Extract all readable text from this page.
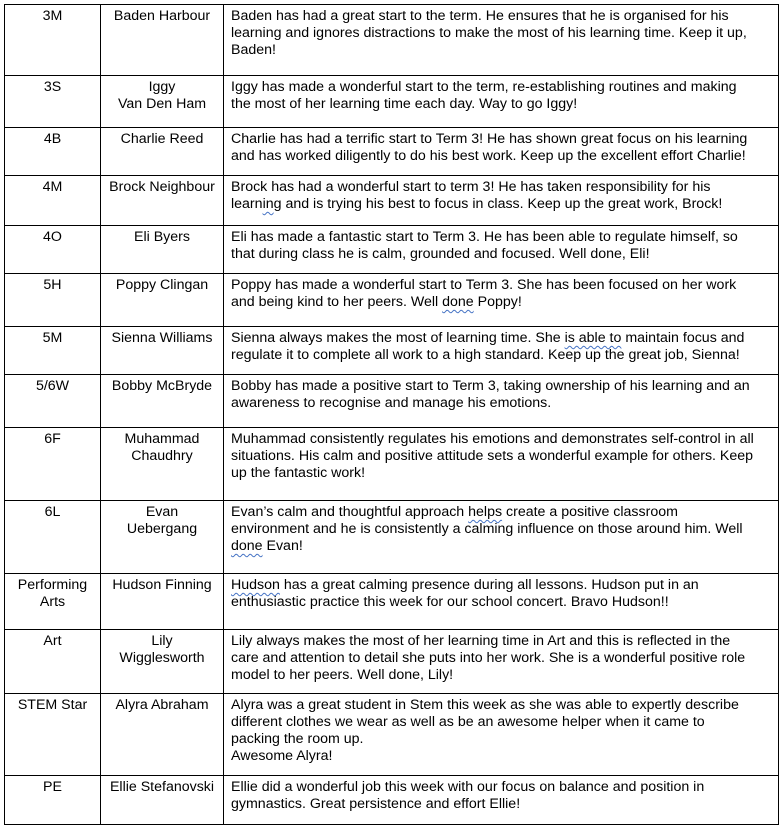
3M	Baden Harbour	Baden has had a great start to the term. He ensures that he is organised for his
learning and ignores distractions to make the most of his learning time. Keep it up,
Baden!

3S	Iggy
Van Den Ham	Iggy has made a wonderful start to the term, re-establishing routines and making
the most of her learning time each day. Way to go Iggy!

4B	Charlie Reed	Charlie has had a terrific start to Term 3! He has shown great focus on his learning
and has worked diligently to do his best work. Keep up the excellent effort Charlie!

4M	Brock Neighbour	Brock has had a wonderful start to term 3! He has taken responsibility for his
learning and is trying his best to focus in class. Keep up the great work, Brock!

4O	Eli Byers	Eli has made a fantastic start to Term 3. He has been able to regulate himself, so
that during class he is calm, grounded and focused. Well done, Eli!

5H	Poppy Clingan	Poppy has made a wonderful start to Term 3. She has been focused on her work
and being kind to her peers. Well done Poppy!

5M	Sienna Williams	Sienna always makes the most of learning time. She is able to maintain focus and
regulate it to complete all work to a high standard. Keep up the great job, Sienna!

5/6W	Bobby McBryde	Bobby has made a positive start to Term 3, taking ownership of his learning and an
awareness to recognise and manage his emotions.

6F	Muhammad
Chaudhry	Muhammad consistently regulates his emotions and demonstrates self-control in all
situations. His calm and positive attitude sets a wonderful example for others. Keep
up the fantastic work!

6L	Evan
Uebergang	Evan’s calm and thoughtful approach helps create a positive classroom
environment and he is consistently a calming influence on those around him. Well
done Evan!

Performing Arts	Hudson Finning	Hudson has a great calming presence during all lessons. Hudson put in an
enthusiastic practice this week for our school concert. Bravo Hudson!!

Art	Lily
Wigglesworth	Lily always makes the most of her learning time in Art and this is reflected in the
care and attention to detail she puts into her work. She is a wonderful positive role
model to her peers. Well done, Lily!

STEM Star	Alyra Abraham	Alyra was a great student in Stem this week as she was able to expertly describe
different clothes we wear as well as be an awesome helper when it came to
packing the room up.
Awesome Alyra!

PE	Ellie Stefanovski	Ellie did a wonderful job this week with our focus on balance and position in
gymnastics. Great persistence and effort Ellie!
